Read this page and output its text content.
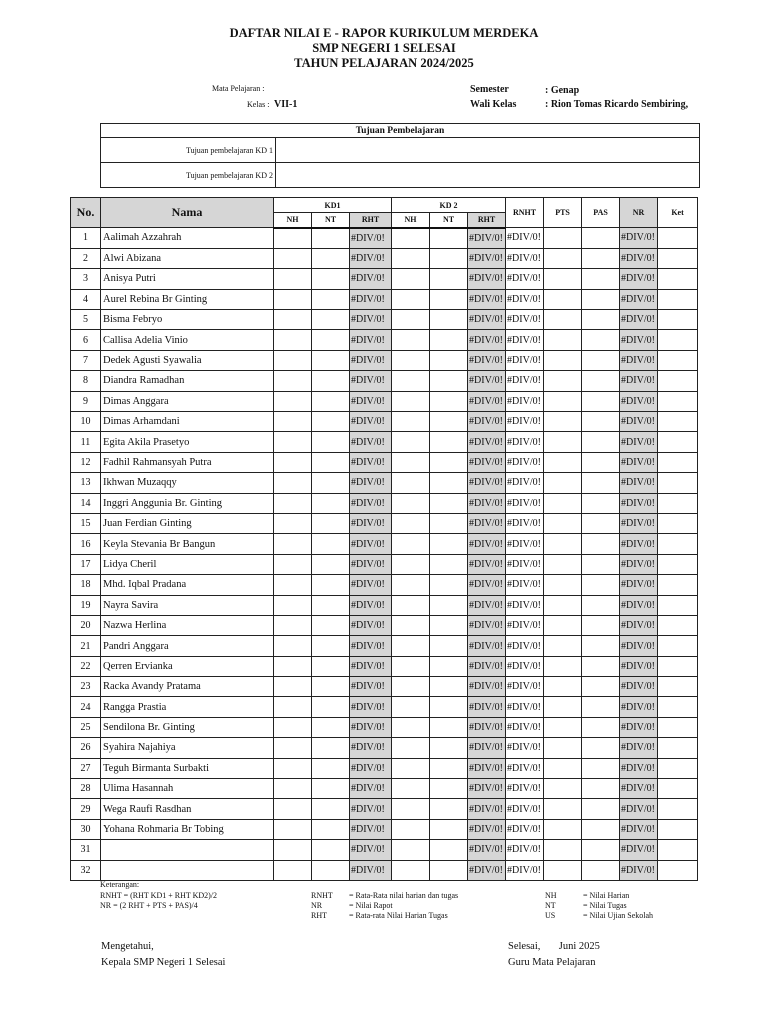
DAFTAR NILAI E - RAPOR KURIKULUM MERDEKA
SMP NEGERI 1 SELESAI
TAHUN PELAJARAN 2024/2025
Mata Pelajaran :
Kelas : VII-1
Semester	: Genap
Wali Kelas	: Rion Tomas Ricardo Sembiring,
Tujuan Pembelajaran	
Tujuan pembelajaran KD 1	
Tujuan pembelajaran KD 2	
No.	Nama	KD1			KD 2			RNHT	PTS	PAS	NR	Ket
		NH	NT	RHT	NH	NT	RHT					
1	Aalimah Azzahrah			#DIV/0!			#DIV/0!	#DIV/0!			#DIV/0!	
2	Alwi Abizana			#DIV/0!			#DIV/0!	#DIV/0!			#DIV/0!	
3	Anisya Putri			#DIV/0!			#DIV/0!	#DIV/0!			#DIV/0!	
4	Aurel Rebina Br Ginting			#DIV/0!			#DIV/0!	#DIV/0!			#DIV/0!	
5	Bisma Febryo			#DIV/0!			#DIV/0!	#DIV/0!			#DIV/0!	
6	Callisa Adelia Vinio			#DIV/0!			#DIV/0!	#DIV/0!			#DIV/0!	
7	Dedek Agusti Syawalia			#DIV/0!			#DIV/0!	#DIV/0!			#DIV/0!	
8	Diandra Ramadhan			#DIV/0!			#DIV/0!	#DIV/0!			#DIV/0!	
9	Dimas Anggara			#DIV/0!			#DIV/0!	#DIV/0!			#DIV/0!	
10	Dimas Arhamdani			#DIV/0!			#DIV/0!	#DIV/0!			#DIV/0!	
11	Egita Akila Prasetyo			#DIV/0!			#DIV/0!	#DIV/0!			#DIV/0!	
12	Fadhil Rahmansyah Putra			#DIV/0!			#DIV/0!	#DIV/0!			#DIV/0!	
13	Ikhwan Muzaqqy			#DIV/0!			#DIV/0!	#DIV/0!			#DIV/0!	
14	Inggri Anggunia Br. Ginting			#DIV/0!			#DIV/0!	#DIV/0!			#DIV/0!	
15	Juan Ferdian Ginting			#DIV/0!			#DIV/0!	#DIV/0!			#DIV/0!	
16	Keyla Stevania Br Bangun			#DIV/0!			#DIV/0!	#DIV/0!			#DIV/0!	
17	Lidya Cheril			#DIV/0!			#DIV/0!	#DIV/0!			#DIV/0!	
18	Mhd. Iqbal Pradana			#DIV/0!			#DIV/0!	#DIV/0!			#DIV/0!	
19	Nayra Savira			#DIV/0!			#DIV/0!	#DIV/0!			#DIV/0!	
20	Nazwa Herlina			#DIV/0!			#DIV/0!	#DIV/0!			#DIV/0!	
21	Pandri Anggara			#DIV/0!			#DIV/0!	#DIV/0!			#DIV/0!	
22	Qerren Ervianka			#DIV/0!			#DIV/0!	#DIV/0!			#DIV/0!	
23	Racka Avandy Pratama			#DIV/0!			#DIV/0!	#DIV/0!			#DIV/0!	
24	Rangga Prastia			#DIV/0!			#DIV/0!	#DIV/0!			#DIV/0!	
25	Sendilona Br. Ginting			#DIV/0!			#DIV/0!	#DIV/0!			#DIV/0!	
26	Syahira Najahiya			#DIV/0!			#DIV/0!	#DIV/0!			#DIV/0!	
27	Teguh Birmanta Surbakti			#DIV/0!			#DIV/0!	#DIV/0!			#DIV/0!	
28	Ulima Hasannah			#DIV/0!			#DIV/0!	#DIV/0!			#DIV/0!	
29	Wega Raufi Rasdhan			#DIV/0!			#DIV/0!	#DIV/0!			#DIV/0!	
30	Yohana Rohmaria Br Tobing			#DIV/0!			#DIV/0!	#DIV/0!			#DIV/0!	
31				#DIV/0!			#DIV/0!	#DIV/0!			#DIV/0!	
32				#DIV/0!			#DIV/0!	#DIV/0!			#DIV/0!	
Keterangan:
RNHT = (RHT KD1 + RHT KD2)/2
NR = (2 RHT + PTS + PAS)/4
RNHT = Rata-Rata nilai harian dan tugas
NR	= Nilai Rapot
RHT	= Rata-rata Nilai Harian Tugas
NH	= Nilai Harian
NT	= Nilai Tugas
US	= Nilai Ujian Sekolah
Mengetahui,
Kepala SMP Negeri 1 Selesai
Selesai,       Juni 2025
Guru Mata Pelajaran
